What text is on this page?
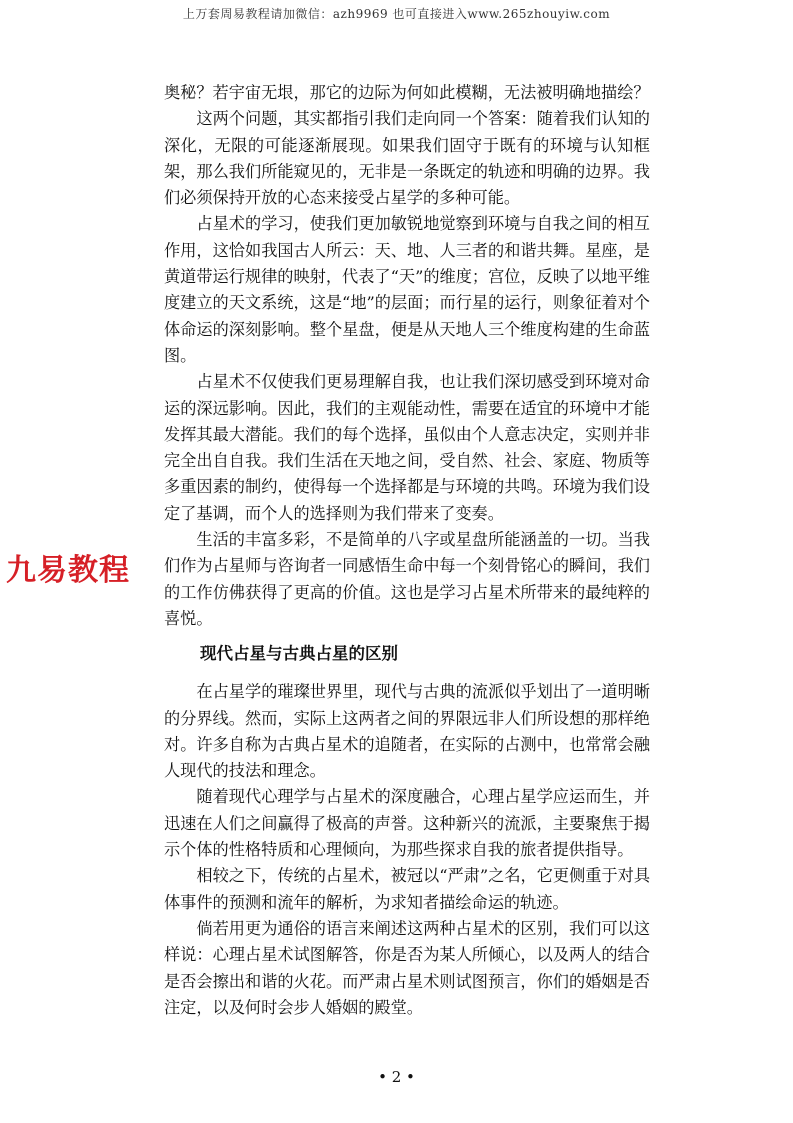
上万套周易教程请加微信：azh9969 也可直接进入www.265zhouyiw.com

奥秘？若宇宙无垠，那它的边际为何如此模糊，无法被明确地描绘？

这两个问题，其实都指引我们走向同一个答案：随着我们认知的深化，无限的可能逐渐展现。如果我们固守于既有的环境与认知框架，那么我们所能窥见的，无非是一条既定的轨迹和明确的边界。我们必须保持开放的心态来接受占星学的多种可能。

占星术的学习，使我们更加敏锐地觉察到环境与自我之间的相互作用，这恰如我国古人所云：天、地、人三者的和谐共舞。星座，是黄道带运行规律的映射，代表了“天”的维度；宫位，反映了以地平维度建立的天文系统，这是“地”的层面；而行星的运行，则象征着对个体命运的深刻影响。整个星盘，便是从天地人三个维度构建的生命蓝图。

占星术不仅使我们更易理解自我，也让我们深切感受到环境对命运的深远影响。因此，我们的主观能动性，需要在适宜的环境中才能发挥其最大潜能。我们的每个选择，虽似由个人意志决定，实则并非完全出自自我。我们生活在天地之间，受自然、社会、家庭、物质等多重因素的制约，使得每一个选择都是与环境的共鸣。环境为我们设定了基调，而个人的选择则为我们带来了变奏。

生活的丰富多彩，不是简单的八字或星盘所能涵盖的一切。当我们作为占星师与咨询者一同感悟生命中每一个刻骨铭心的瞬间，我们的工作仿佛获得了更高的价值。这也是学习占星术所带来的最纯粹的喜悦。

现代占星与古典占星的区别

在占星学的璀璨世界里，现代与古典的流派似乎划出了一道明晰的分界线。然而，实际上这两者之间的界限远非人们所设想的那样绝对。许多自称为古典占星术的追随者，在实际的占测中，也常常会融人现代的技法和理念。

随着现代心理学与占星术的深度融合，心理占星学应运而生，并迅速在人们之间赢得了极高的声誉。这种新兴的流派，主要聚焦于揭示个体的性格特质和心理倾向，为那些探求自我的旅者提供指导。

相较之下，传统的占星术，被冠以“严肃”之名，它更侧重于对具体事件的预测和流年的解析，为求知者描绘命运的轨迹。

倘若用更为通俗的语言来阐述这两种占星术的区别，我们可以这样说：心理占星术试图解答，你是否为某人所倾心，以及两人的结合是否会擦出和谐的火花。而严肃占星术则试图预言，你们的婚姻是否注定，以及何时会步人婚姻的殿堂。

九易教程
• 2 •
